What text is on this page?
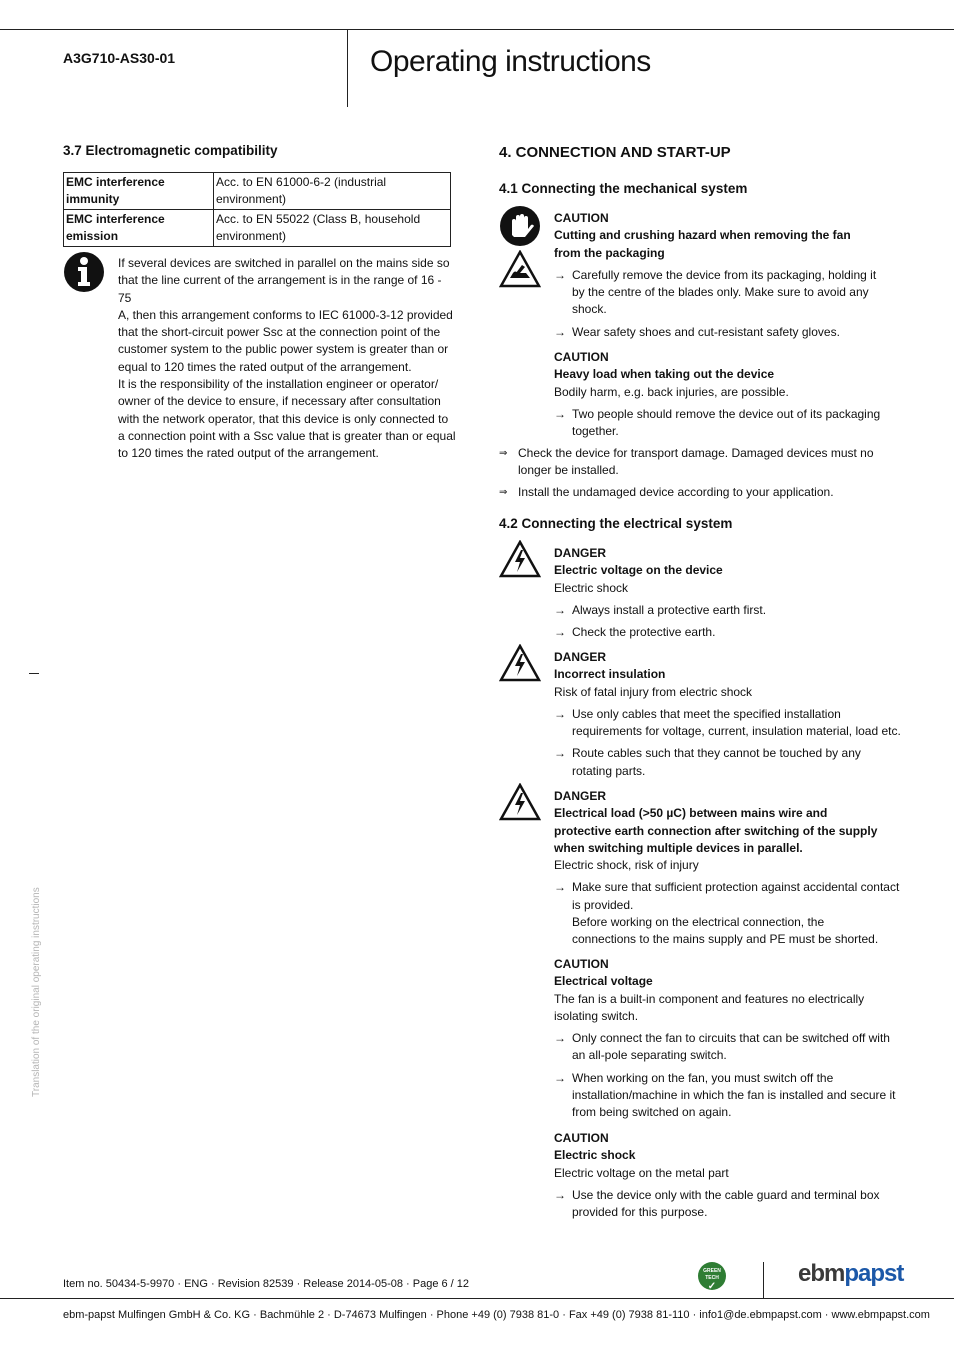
A3G710-AS30-01	Operating instructions
3.7 Electromagnetic compatibility
EMC interference
immunity	Acc. to EN 61000-6-2 (industrial
environment)
EMC interference
emission	Acc. to EN 55022 (Class B, household
environment)
If several devices are switched in parallel on the mains side so
that the line current of the arrangement is in the range of 16 - 75
A, then this arrangement conforms to IEC 61000-3-12 provided
that the short-circuit power Ssc at the connection point of the
customer system to the public power system is greater than or
equal to 120 times the rated output of the arrangement.
It is the responsibility of the installation engineer or operator/
owner of the device to ensure, if necessary after consultation
with the network operator, that this device is only connected to
a connection point with a Ssc value that is greater than or equal
to 120 times the rated output of the arrangement.
4. CONNECTION AND START-UP
4.1 Connecting the mechanical system
CAUTION
Cutting and crushing hazard when removing the fan
from the packaging
→ Carefully remove the device from its packaging, holding it
by the centre of the blades only. Make sure to avoid any
shock.
→ Wear safety shoes and cut-resistant safety gloves.
CAUTION
Heavy load when taking out the device
Bodily harm, e.g. back injuries, are possible.
→ Two people should remove the device out of its packaging
together.
⇒ Check the device for transport damage. Damaged devices must no
longer be installed.
⇒ Install the undamaged device according to your application.
4.2 Connecting the electrical system
DANGER
Electric voltage on the device
Electric shock
→ Always install a protective earth first.
→ Check the protective earth.
DANGER
Incorrect insulation
Risk of fatal injury from electric shock
→ Use only cables that meet the specified installation
requirements for voltage, current, insulation material, load etc.
→ Route cables such that they cannot be touched by any
rotating parts.
DANGER
Electrical load (>50 µC) between mains wire and
protective earth connection after switching of the supply
when switching multiple devices in parallel.
Electric shock, risk of injury
→ Make sure that sufficient protection against accidental contact
is provided.
Before working on the electrical connection, the
connections to the mains supply and PE must be shorted.
CAUTION
Electrical voltage
The fan is a built-in component and features no electrically
isolating switch.
→ Only connect the fan to circuits that can be switched off with
an all-pole separating switch.
→ When working on the fan, you must switch off the
installation/machine in which the fan is installed and secure it
from being switched on again.
CAUTION
Electric shock
Electric voltage on the metal part
→ Use the device only with the cable guard and terminal box
provided for this purpose.
Translation of the original operating instructions
Item no. 50434-5-9970 · ENG · Revision 82539 · Release 2014-05-08 · Page 6 / 12
ebm-papst Mulfingen GmbH & Co. KG · Bachmühle 2 · D-74673 Mulfingen · Phone +49 (0) 7938 81-0 · Fax +49 (0) 7938 81-110 · info1@de.ebmpapst.com · www.ebmpapst.com
GREEN
TECH
✓	ebmpapst
